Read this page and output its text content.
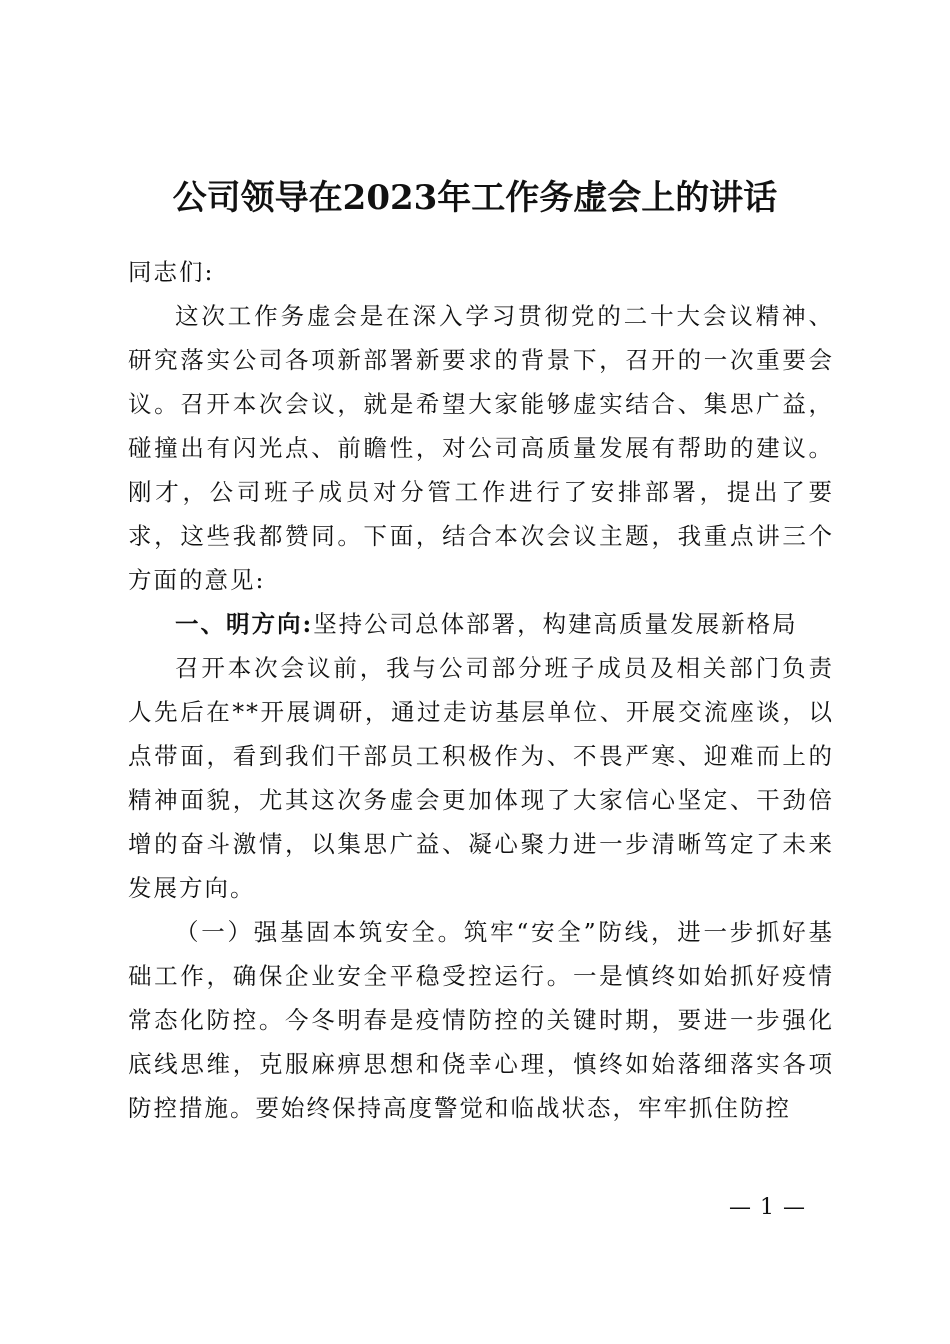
公司领导在2023年工作务虚会上的讲话

同志们:

这次工作务虚会是在深入学习贯彻党的二十大会议精神、研究落实公司各项新部署新要求的背景下，召开的一次重要会议。召开本次会议，就是希望大家能够虚实结合、集思广益，碰撞出有闪光点、前瞻性，对公司高质量发展有帮助的建议。刚才，公司班子成员对分管工作进行了安排部署，提出了要求，这些我都赞同。下面，结合本次会议主题，我重点讲三个方面的意见:

一、明方向:坚持公司总体部署，构建高质量发展新格局

召开本次会议前，我与公司部分班子成员及相关部门负责人先后在**开展调研，通过走访基层单位、开展交流座谈，以点带面，看到我们干部员工积极作为、不畏严寒、迎难而上的精神面貌，尤其这次务虚会更加体现了大家信心坚定、干劲倍增的奋斗激情，以集思广益、凝心聚力进一步清晰笃定了未来发展方向。

（一）强基固本筑安全。筑牢“安全”防线，进一步抓好基础工作，确保企业安全平稳受控运行。一是慎终如始抓好疫情常态化防控。今冬明春是疫情防控的关键时期，要进一步强化底线思维，克服麻痹思想和侥幸心理，慎终如始落细落实各项防控措施。要始终保持高度警觉和临战状态，牢牢抓住防控

— 1 —
